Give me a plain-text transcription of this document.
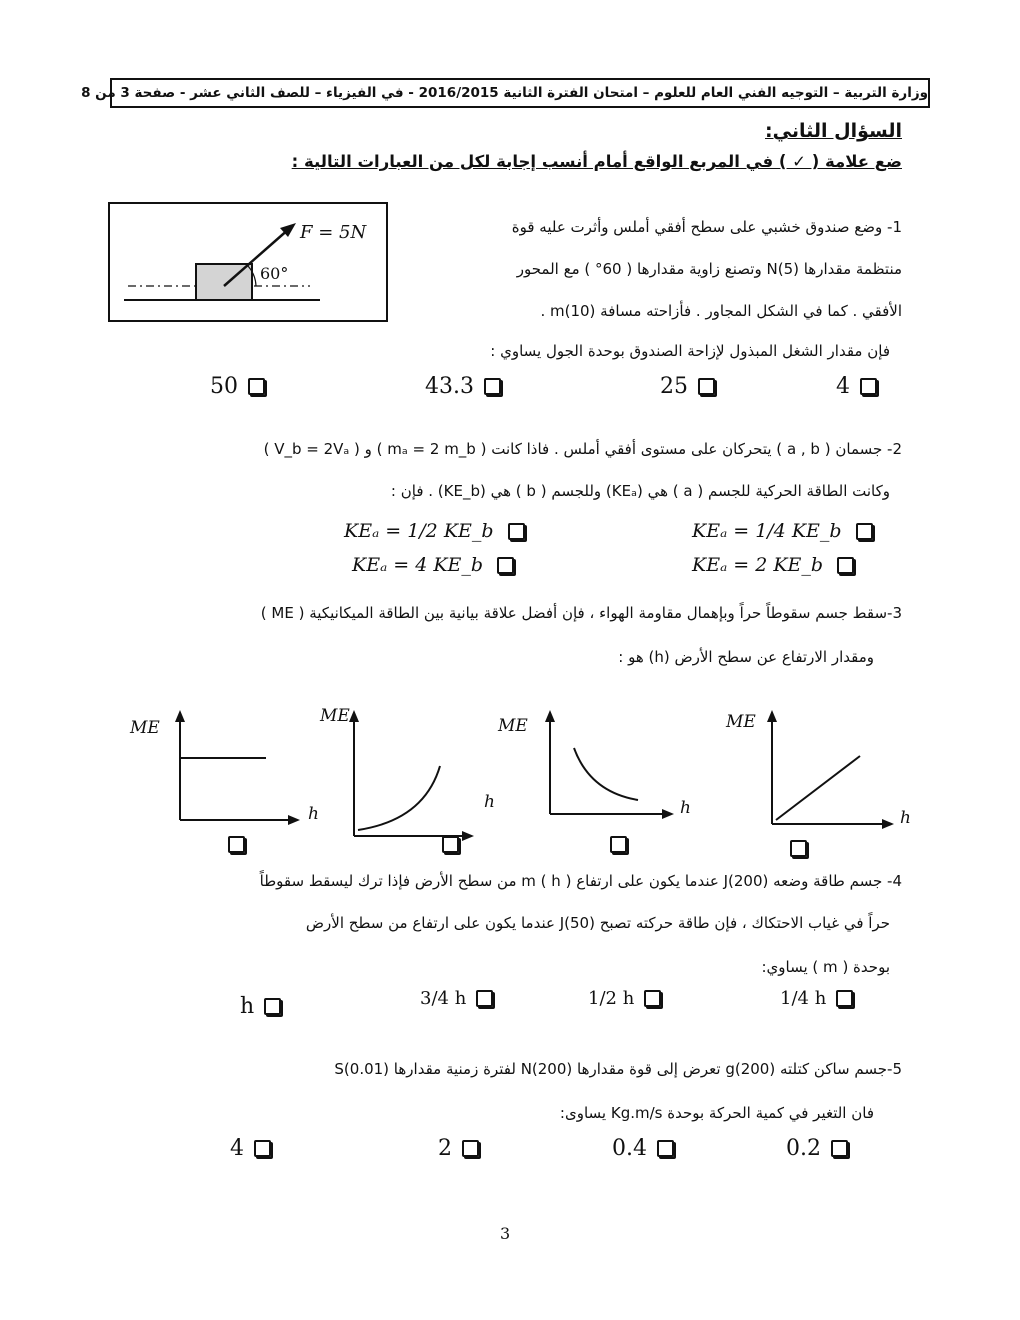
وزارة التربية – التوجيه الفني العام للعلوم – امتحان الفترة الثانية 2016/2015 - في الفيزياء – للصف الثاني عشر - صفحة 3 من 8
السؤال الثاني:
ضع علامة ( ✓ ) في المربع الواقع أمام أنسب إجابة لكل من العبارات التالية :
F = 5N
60°
1- وضع صندوق خشبي على سطح أفقي أملس وأثرت عليه قوة
منتظمة مقدارها N(5) وتصنع زاوية مقدارها ( 60° ) مع المحور
الأفقي . كما في الشكل المجاور . فأزاحته مسافة m(10) .
فإن مقدار الشغل المبذول لإزاحة الصندوق بوحدة الجول يساوي :
50	43.3	25	4
2- جسمان ( a , b ) يتحركان على مستوى أفقي أملس . فاذا كانت ( mₐ = 2 m_b ) و ( V_b = 2Vₐ )
وكانت الطاقة الحركية للجسم ( a ) هي (KEₐ) وللجسم ( b ) هي (KE_b) . فإن :
KEₐ = 1/2 KE_b	KEₐ = 1/4 KE_b
KEₐ = 4 KE_b	KEₐ = 2 KE_b
3-سقط جسم سقوطاً حراً وبإهمال مقاومة الهواء ، فإن أفضل علاقة بيانية بين الطاقة الميكانيكية ( ME )
ومقدار الارتفاع عن سطح الأرض (h) هو :
ME
h
ME
h
ME
h
ME
h
4- جسم طاقة وضعه J(200) عندما يكون على ارتفاع ( h ) m من سطح الأرض فإذا ترك ليسقط سقوطاً
حراً في غياب الاحتكاك ، فإن طاقة حركته تصبح J(50) عندما يكون على ارتفاع من سطح الأرض
بوحدة ( m ) يساوي:
h	3/4 h	1/2 h	1/4 h
5-جسم ساكن كتلته g(200) تعرض إلى قوة مقدارها N(200) لفترة زمنية مقدارها S(0.01)
فان التغير في كمية الحركة بوحدة Kg.m/s يساوى:
4	2	0.4	0.2
3
